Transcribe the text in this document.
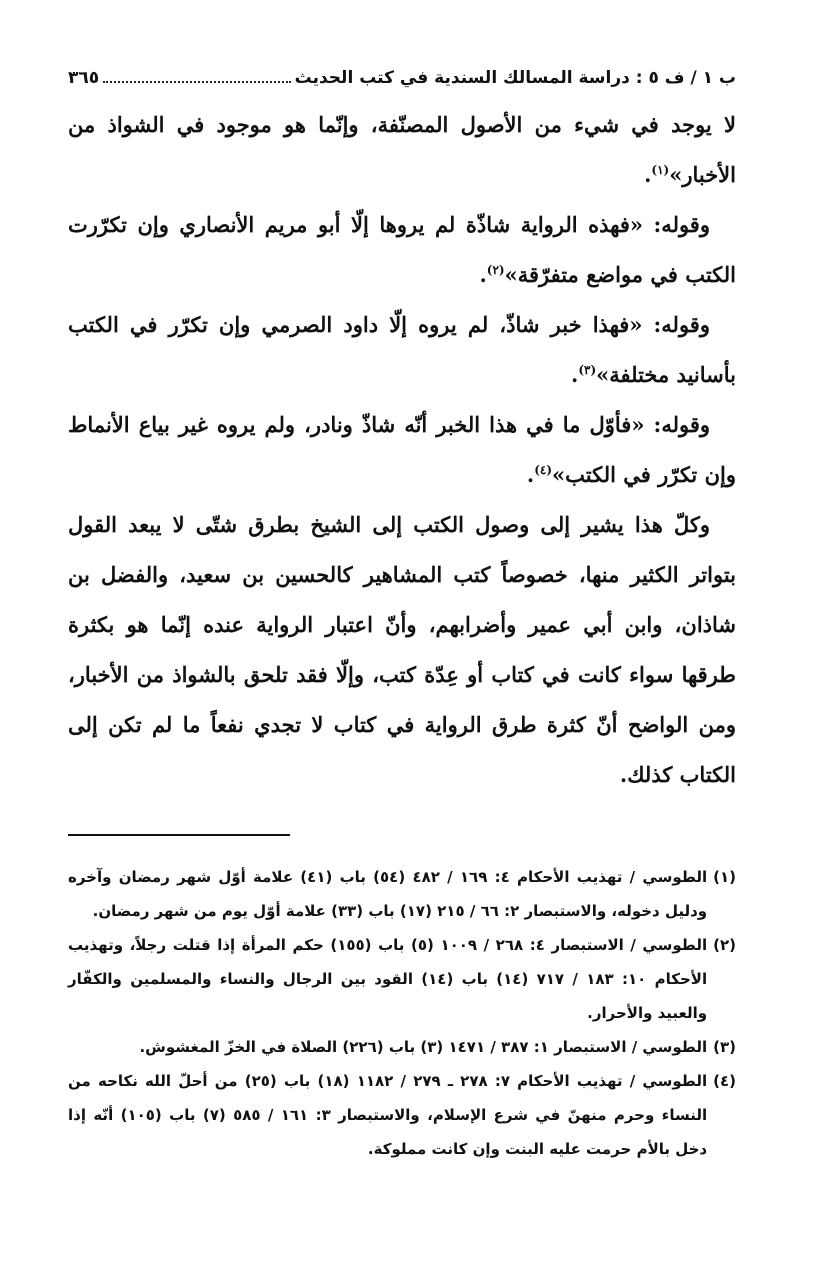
ب ١ / ف ٥ : دراسة المسالك السندية في كتب الحديث
٣٦٥

لا يوجد في شيء من الأصول المصنّفة، وإنّما هو موجود في الشواذ من الأخبار»$^{(١)}$.

وقوله: «فهذه الرواية شاذّة لم يروها إلّا أبو مريم الأنصاري وإن تكرّرت الكتب في مواضع متفرّقة»$^{(٢)}$.

وقوله: «فهذا خبر شاذّ، لم يروه إلّا داود الصرمي وإن تكرّر في الكتب بأسانيد مختلفة»$^{(٣)}$.

وقوله: «فأوّل ما في هذا الخبر أنّه شاذّ ونادر، ولم يروه غير بياع الأنماط وإن تكرّر في الكتب»$^{(٤)}$.

وكلّ هذا يشير إلى وصول الكتب إلى الشيخ بطرق شتّى لا يبعد القول بتواتر الكثير منها، خصوصاً كتب المشاهير كالحسين بن سعيد، والفضل بن شاذان، وابن أبي عمير وأضرابهم، وأنّ اعتبار الرواية عنده إنّما هو بكثرة طرقها سواء كانت في كتاب أو عِدّة كتب، وإلّا فقد تلحق بالشواذ من الأخبار، ومن الواضح أنّ كثرة طرق الرواية في كتاب لا تجدي نفعاً ما لم تكن إلى الكتاب كذلك.

(١)
الطوسي / تهذيب الأحكام ٤: ١٦٩ / ٤٨٢ (٥٤) باب (٤١) علامة أوّل شهر رمضان وآخره ودليل دخوله، والاستبصار ٢: ٦٦ / ٢١٥ (١٧) باب (٣٣) علامة أوّل يوم من شهر رمضان.
(٢)
الطوسي / الاستبصار ٤: ٢٦٨ / ١٠٠٩ (٥) باب (١٥٥) حكم المرأة إذا قتلت رجلاً، وتهذيب الأحكام ١٠: ١٨٣ / ٧١٧ (١٤) باب (١٤) القود بين الرجال والنساء والمسلمين والكفّار والعبيد والأحرار.
(٣)
الطوسي / الاستبصار ١: ٣٨٧ / ١٤٧١ (٣) باب (٢٢٦) الصلاة في الخزّ المغشوش.
(٤)
الطوسي / تهذيب الأحكام ٧: ٢٧٨ ـ ٢٧٩ / ١١٨٢ (١٨) باب (٢٥) من أحلّ الله نكاحه من النساء وحرم منهنّ في شرع الإسلام، والاستبصار ٣: ١٦١ / ٥٨٥ (٧) باب (١٠٥) أنّه إذا دخل بالأم حرمت عليه البنت وإن كانت مملوكة.
